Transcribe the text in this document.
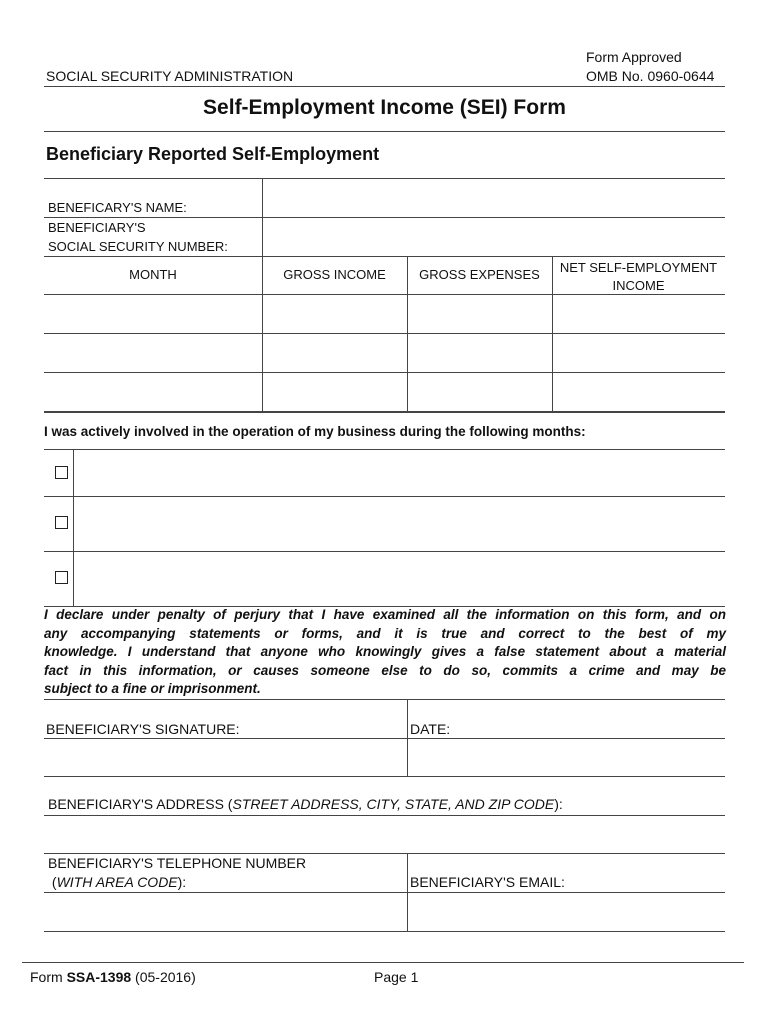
Form Approved
SOCIAL SECURITY ADMINISTRATION	OMB No. 0960-0644
Self-Employment Income (SEI) Form
Beneficiary Reported Self-Employment
BENEFICARY'S NAME:
BENEFICIARY'S
SOCIAL SECURITY NUMBER:
MONTH	GROSS INCOME	GROSS EXPENSES	NET SELF-EMPLOYMENT
INCOME
I was actively involved in the operation of my business during the following months:
I declare under penalty of perjury that I have examined all the information on this form, and on
any accompanying statements or forms, and it is true and correct to the best of my
knowledge. I understand that anyone who knowingly gives a false statement about a material
fact in this information, or causes someone else to do so, commits a crime and may be
subject to a fine or imprisonment.
BENEFICIARY'S SIGNATURE:	DATE:
BENEFICIARY'S ADDRESS (STREET ADDRESS, CITY, STATE, AND ZIP CODE):
BENEFICIARY'S TELEPHONE NUMBER
(WITH AREA CODE):	BENEFICIARY'S EMAIL:
Form SSA-1398 (05-2016)	Page 1
